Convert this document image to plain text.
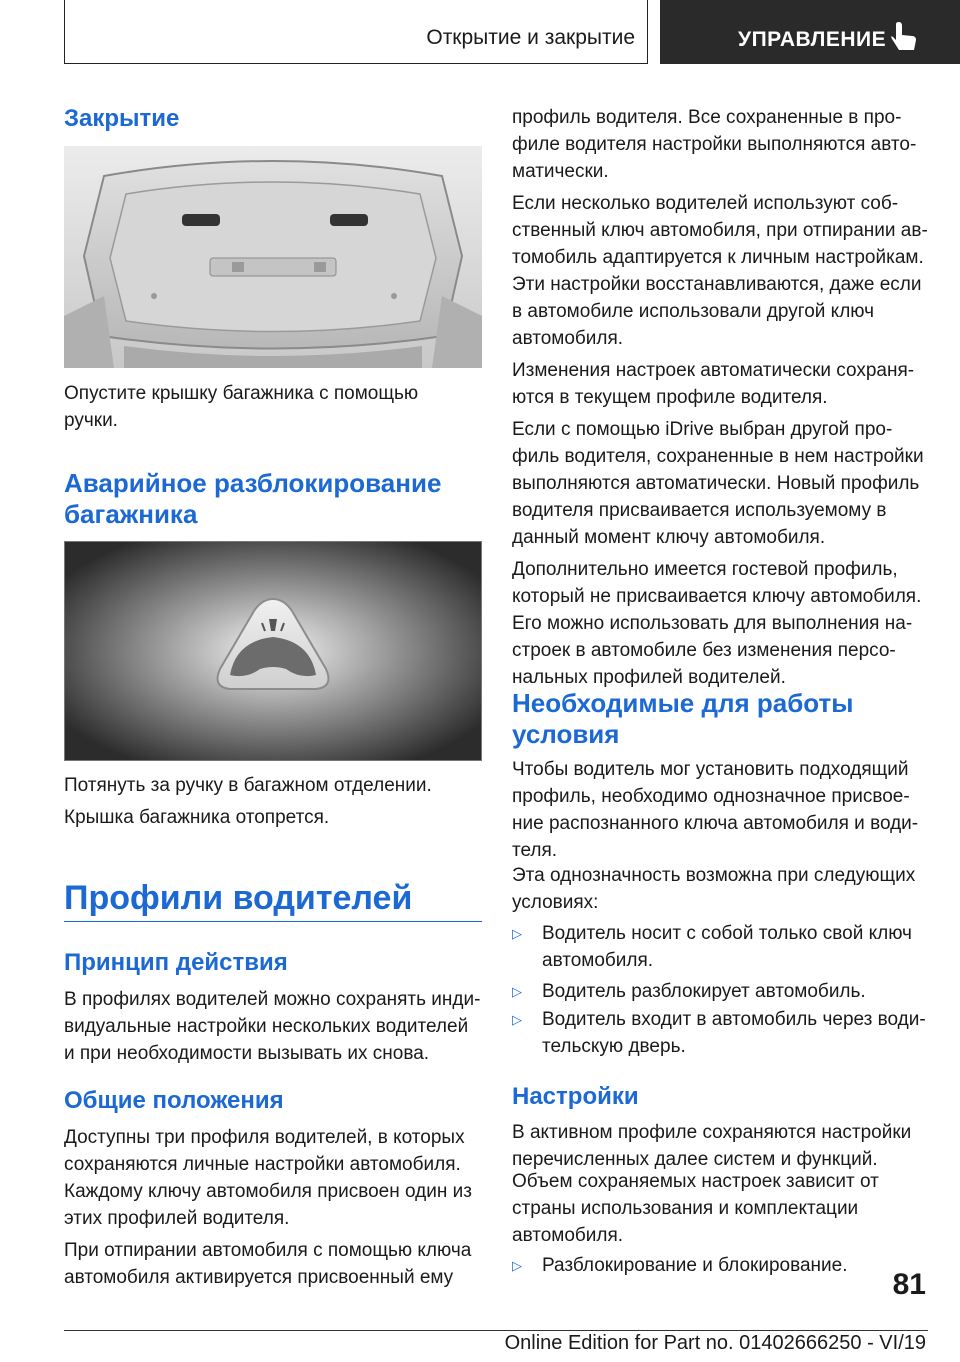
Открытие и закрытие	УПРАВЛЕНИЕ
Закрытие

Опустите крышку багажника с помощью

ручки.

Аварийное разблокирование
багажника

Потянуть за ручку в багажном отделении.

Крышка багажника отопрется.

Профили водителей
Принцип действия

В профилях водителей можно сохранять инди-

видуальные настройки нескольких водителей

и при необходимости вызывать их снова.

Общие положения

Доступны три профиля водителей, в которых

сохраняются личные настройки автомобиля.

Каждому ключу автомобиля присвоен один из

этих профилей водителя.

При отпирании автомобиля с помощью ключа

автомобиля активируется присвоенный ему

профиль водителя. Все сохраненные в про-

филе водителя настройки выполняются авто-

матически.

Если несколько водителей используют соб-

ственный ключ автомобиля, при отпирании ав-

томобиль адаптируется к личным настройкам.

Эти настройки восстанавливаются, даже если

в автомобиле использовали другой ключ

автомобиля.

Изменения настроек автоматически сохраня-

ются в текущем профиле водителя.

Если с помощью iDrive выбран другой про-

филь водителя, сохраненные в нем настройки

выполняются автоматически. Новый профиль

водителя присваивается используемому в

данный момент ключу автомобиля.

Дополнительно имеется гостевой профиль,

который не присваивается ключу автомобиля.

Его можно использовать для выполнения на-

строек в автомобиле без изменения персо-

нальных профилей водителей.

Необходимые для работы
условия

Чтобы водитель мог установить подходящий

профиль, необходимо однозначное присвое-

ние распознанного ключа автомобиля и води-

теля.

Эта однозначность возможна при следующих

условиях:

▷ Водитель носит с собой только свой ключ

автомобиля.

▷ Водитель разблокирует автомобиль.

▷ Водитель входит в автомобиль через води-

тельскую дверь.

Настройки

В активном профиле сохраняются настройки

перечисленных далее систем и функций.

Объем сохраняемых настроек зависит от

страны использования и комплектации

автомобиля.

▷ Разблокирование и блокирование.

81
Online Edition for Part no. 01402666250 - VI/19
